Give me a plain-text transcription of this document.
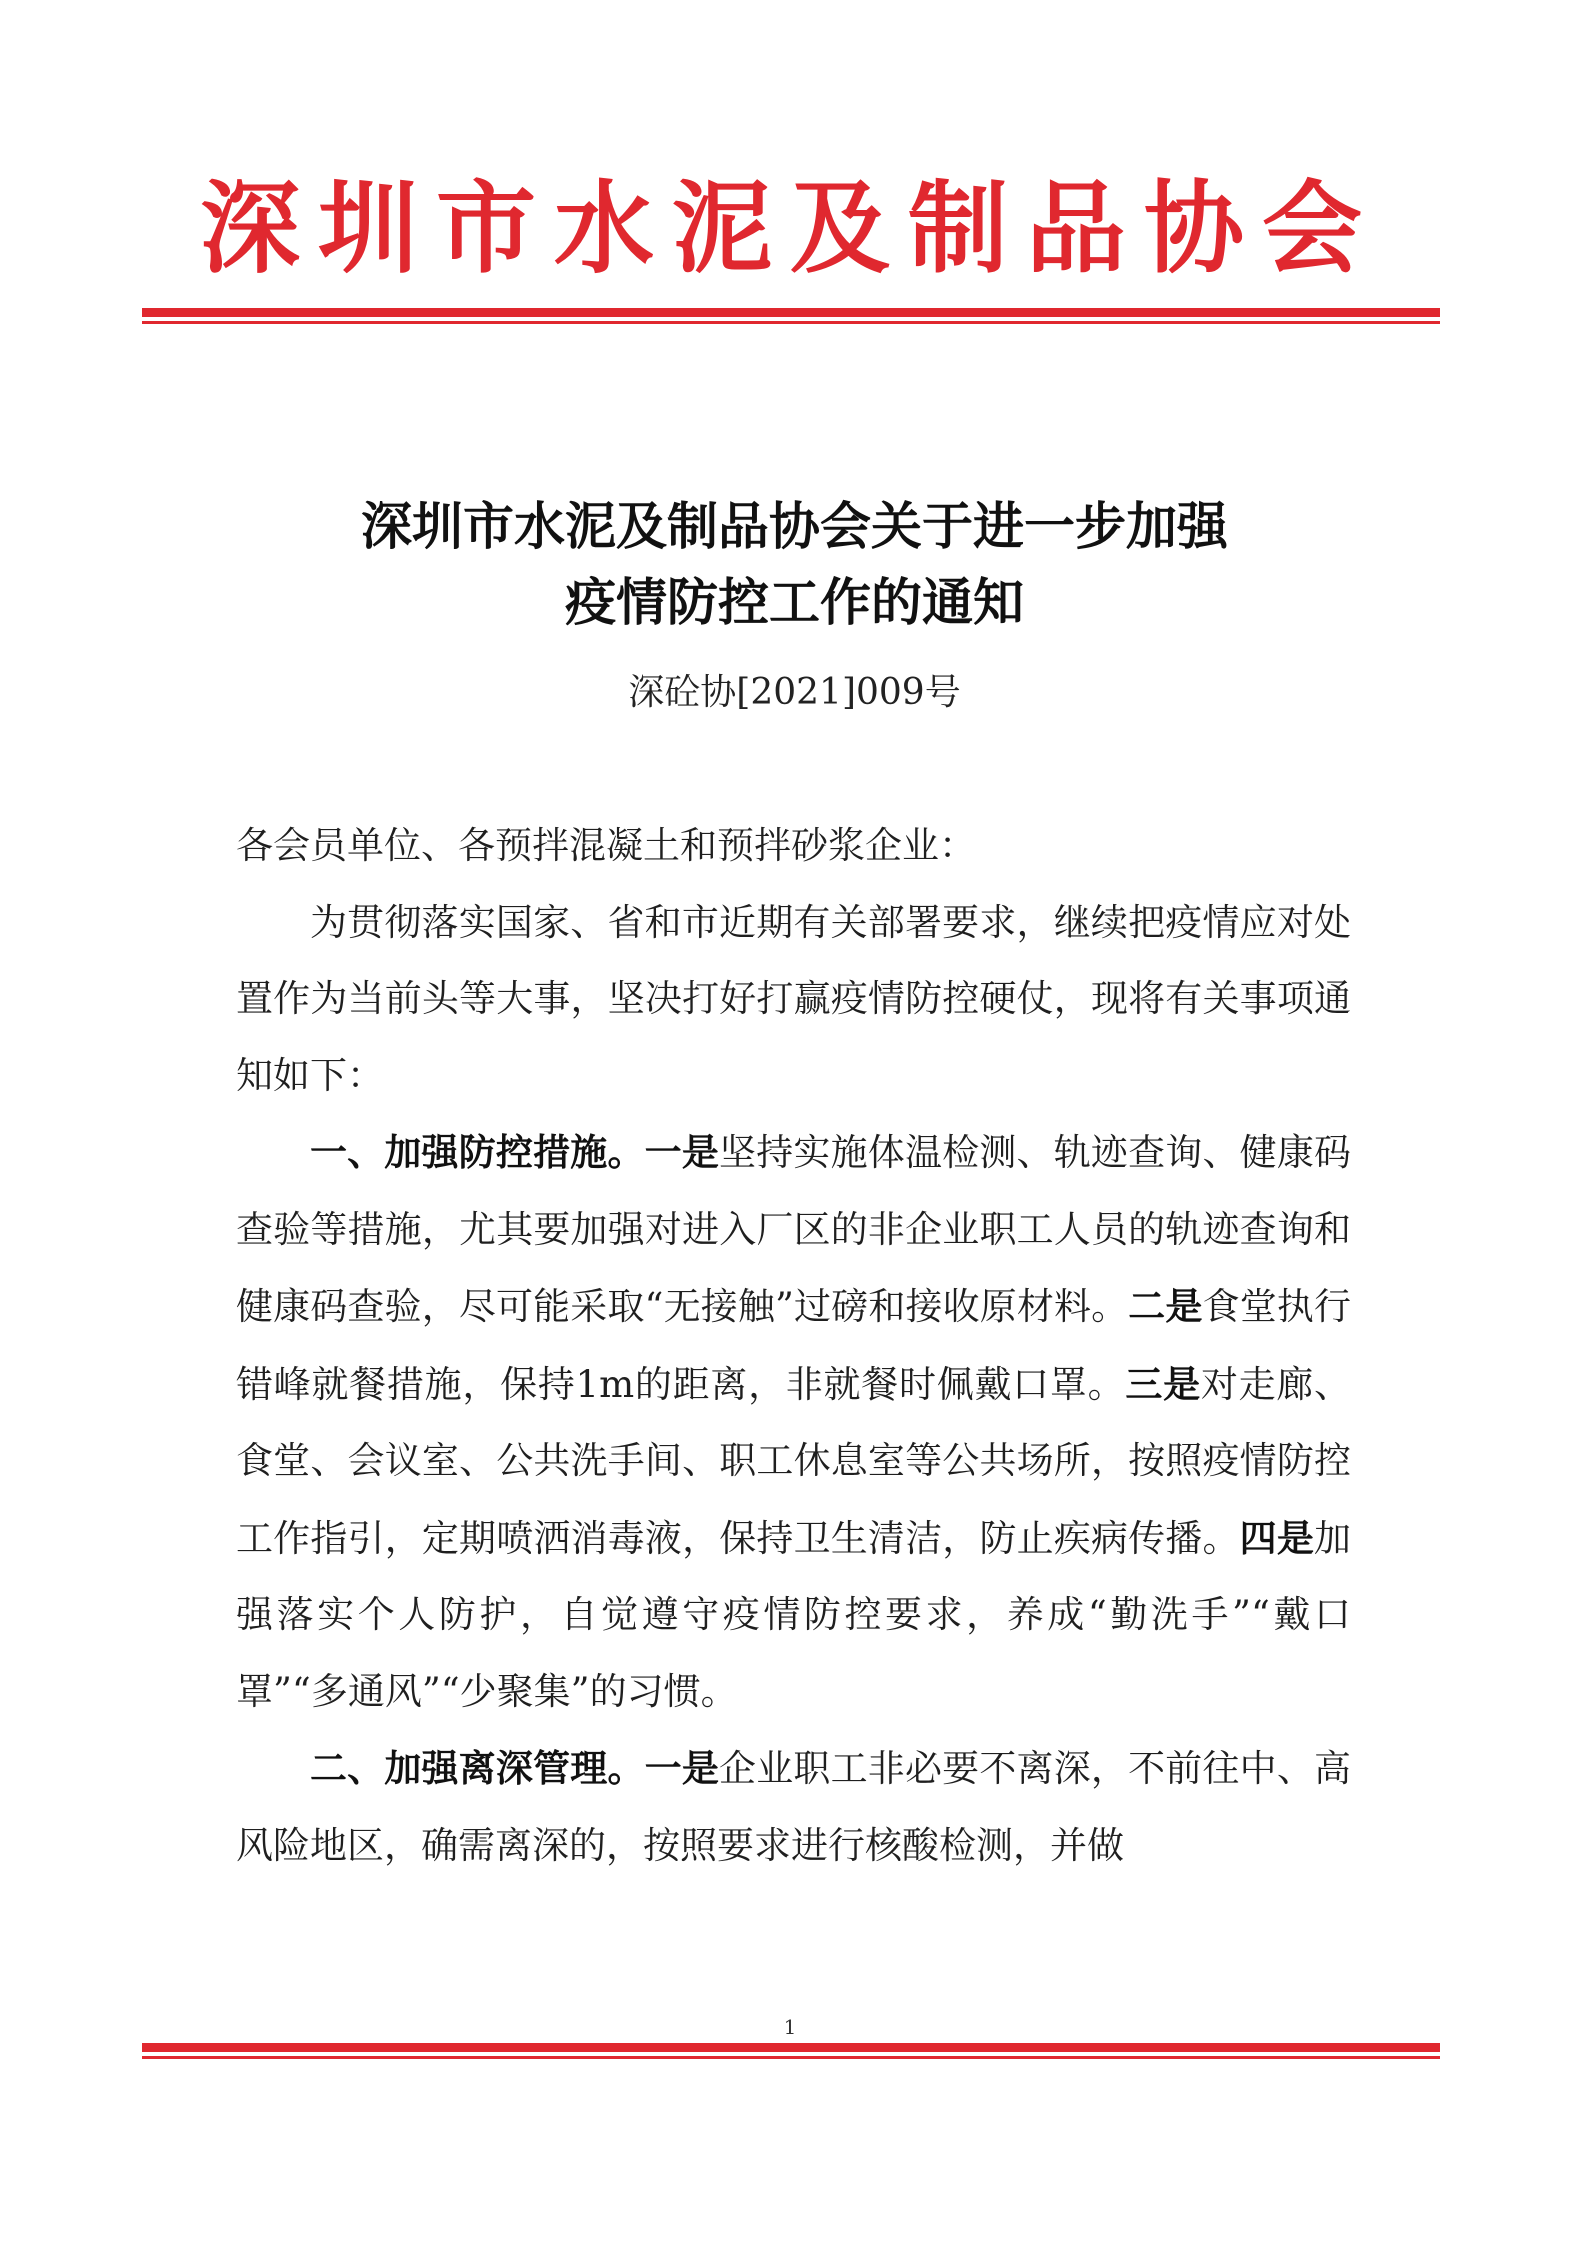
深圳市水泥及制品协会
深圳市水泥及制品协会关于进一步加强
疫情防控工作的通知
深砼协[2021]009号

各会员单位、各预拌混凝土和预拌砂浆企业：

为贯彻落实国家、省和市近期有关部署要求，继续把疫情应对处置作为当前头等大事，坚决打好打赢疫情防控硬仗，现将有关事项通知如下：

一、加强防控措施。一是坚持实施体温检测、轨迹查询、健康码查验等措施，尤其要加强对进入厂区的非企业职工人员的轨迹查询和健康码查验，尽可能采取“无接触”过磅和接收原材料。二是食堂执行错峰就餐措施，保持1m的距离，非就餐时佩戴口罩。三是对走廊、食堂、会议室、公共洗手间、职工休息室等公共场所，按照疫情防控工作指引，定期喷洒消毒液，保持卫生清洁，防止疾病传播。四是加强落实个人防护，自觉遵守疫情防控要求，养成“勤洗手”“戴口罩”“多通风”“少聚集”的习惯。

二、加强离深管理。一是企业职工非必要不离深，不前往中、高风险地区，确需离深的，按照要求进行核酸检测，并做

1
